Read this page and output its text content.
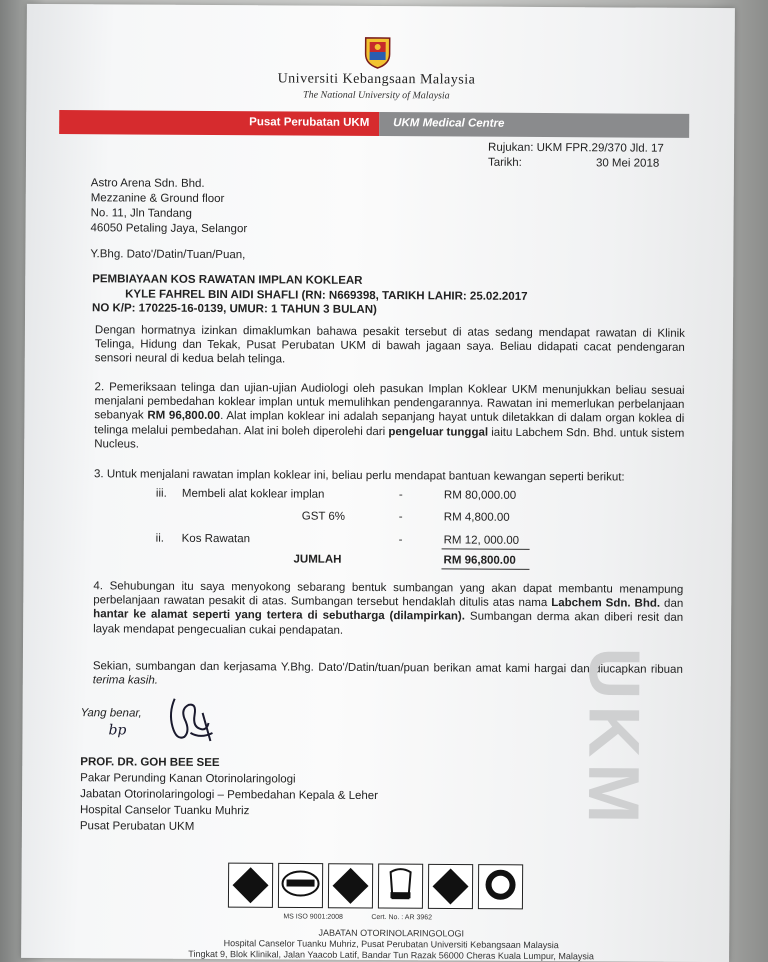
Universiti Kebangsaan Malaysia
The National University of Malaysia
Pusat Perubatan UKM UKM Medical Centre
Rujukan: UKM FPR.29/370 Jld. 17
Tarikh:	30 Mei 2018
Astro Arena Sdn. Bhd.
Mezzanine & Ground floor
No. 11, Jln Tandang
46050 Petaling Jaya, Selangor
Y.Bhg. Dato'/Datin/Tuan/Puan,
PEMBIAYAAN KOS RAWATAN IMPLAN KOKLEAR
KYLE FAHREL BIN AIDI SHAFLI (RN: N669398, TARIKH LAHIR: 25.02.2017
NO K/P: 170225-16-0139, UMUR: 1 TAHUN 3 BULAN)
Dengan hormatnya izinkan dimaklumkan bahawa pesakit tersebut di atas sedang mendapat rawatan di Klinik Telinga, Hidung dan Tekak, Pusat Perubatan UKM di bawah jagaan saya. Beliau didapati cacat pendengaran sensori neural di kedua belah telinga.
2. Pemeriksaan telinga dan ujian-ujian Audiologi oleh pasukan Implan Koklear UKM menunjukkan beliau sesuai menjalani pembedahan koklear implan untuk memulihkan pendengarannya. Rawatan ini memerlukan perbelanjaan sebanyak RM 96,800.00. Alat implan koklear ini adalah sepanjang hayat untuk diletakkan di dalam organ koklea di telinga melalui pembedahan. Alat ini boleh diperolehi dari pengeluar tunggal iaitu Labchem Sdn. Bhd. untuk sistem Nucleus.
3. Untuk menjalani rawatan implan koklear ini, beliau perlu mendapat bantuan kewangan seperti berikut:
iii. Membeli alat koklear implan	-	RM 80,000.00
GST 6%	-	RM 4,800.00
ii. Kos Rawatan	-	RM 12, 000.00
JUMLAH	RM 96,800.00
4. Sehubungan itu saya menyokong sebarang bentuk sumbangan yang akan dapat membantu menampung perbelanjaan rawatan pesakit di atas. Sumbangan tersebut hendaklah ditulis atas nama Labchem Sdn. Bhd. dan hantar ke alamat seperti yang tertera di sebutharga (dilampirkan). Sumbangan derma akan diberi resit dan layak mendapat pengecualian cukai pendapatan.
Sekian, sumbangan dan kerjasama Y.Bhg. Dato'/Datin/tuan/puan berikan amat kami hargai dan diucapkan ribuan terima kasih.
Yang benar,
bp
PROF. DR. GOH BEE SEE
Pakar Perunding Kanan Otorinolaringologi
Jabatan Otorinolaringologi – Pembedahan Kepala & Leher
Hospital Canselor Tuanku Muhriz
Pusat Perubatan UKM	UKM
MS ISO 9001:2008	Cert. No. : AR 3962
JABATAN OTORINOLARINGOLOGI
Hospital Canselor Tuanku Muhriz, Pusat Perubatan Universiti Kebangsaan Malaysia
Tingkat 9, Blok Klinikal, Jalan Yaacob Latif, Bandar Tun Razak 56000 Cheras Kuala Lumpur, Malaysia
